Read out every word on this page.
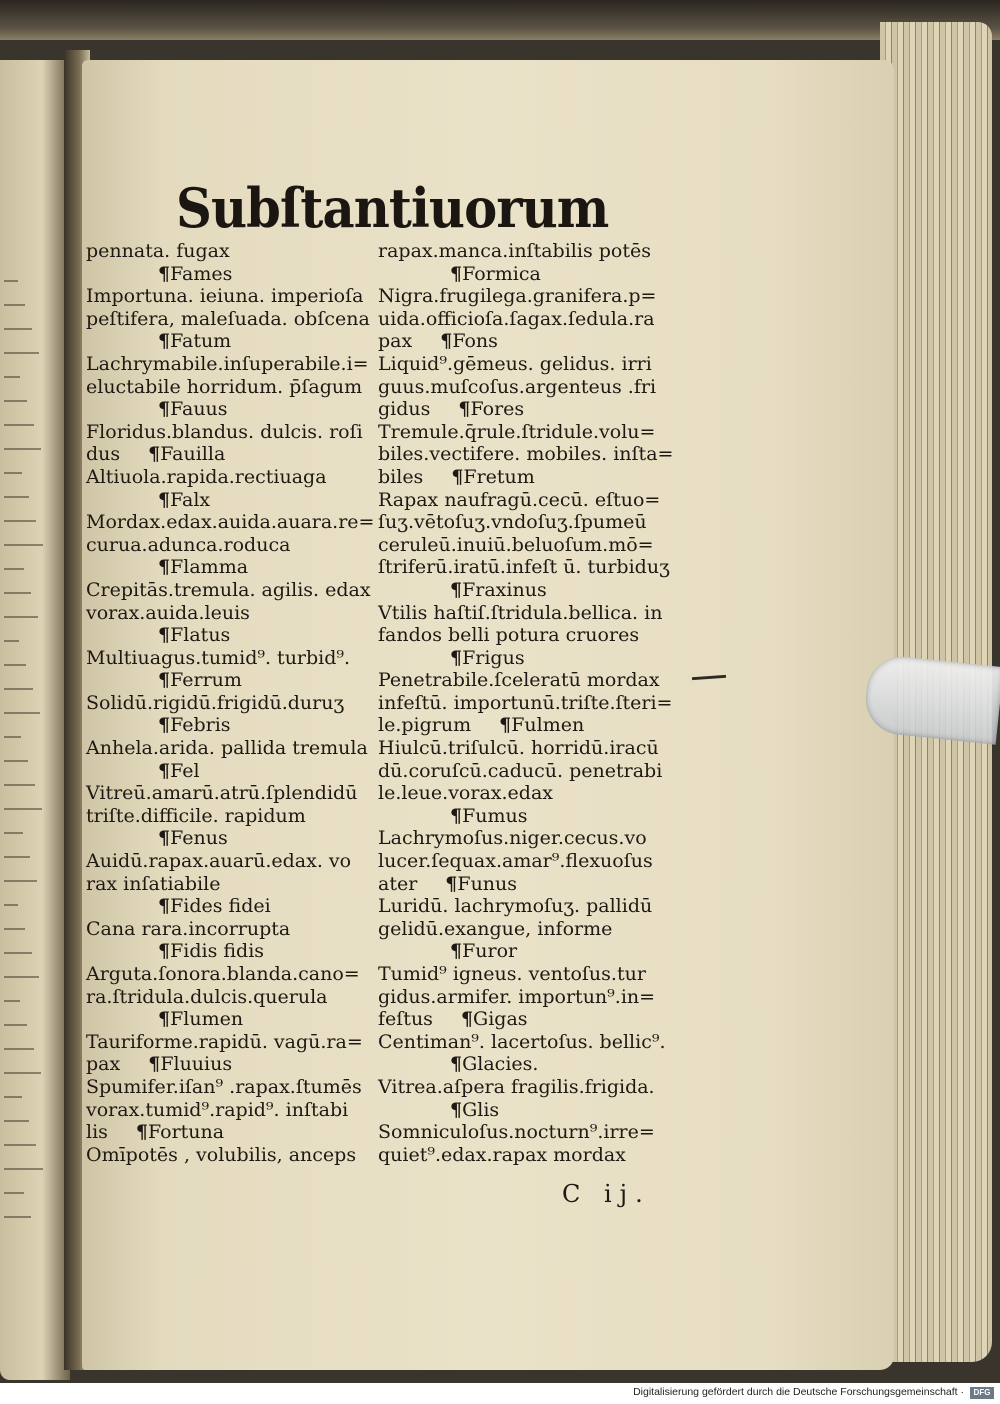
Subſtantiuorum
pennata. fugax
¶Fames
Importuna. ieiuna. imperioſa
peſtifera, maleſuada. obſcena
¶Fatum
Lachrymabile.inſuperabile.i=
eluctabile horridum. p̄ſagum
¶Fauus
Floridus.blandus. dulcis. roſi
dus ¶Fauilla
Altiuola.rapida.rectiuaga
¶Falx
Mordax.edax.auida.auara.re=
curua.adunca.roduca
¶Flamma
Crepitās.tremula. agilis. edax
vorax.auida.leuis
¶Flatus
Multiuagus.tumid⁹. turbid⁹.
¶Ferrum
Solidū.rigidū.frigidū.duruʒ
¶Febris
Anhela.arida. pallida tremula
¶Fel
Vitreū.amarū.atrū.ſplendidū
triſte.difficile. rapidum
¶Fenus
Auidū.rapax.auarū.edax. vo
rax inſatiabile
¶Fides fidei
Cana rara.incorrupta
¶Fidis fidis
Arguta.ſonora.blanda.cano=
ra.ſtridula.dulcis.querula
¶Flumen
Tauriforme.rapidū. vagū.ra=
pax ¶Fluuius
Spumifer.iſan⁹ .rapax.ſtumēs
vorax.tumid⁹.rapid⁹. inſtabi
lis ¶Fortuna
Omīpotēs , volubilis, anceps
rapax.manca.inſtabilis potēs
¶Formica
Nigra.frugilega.granifera.p=
uida.officioſa.ſagax.ſedula.ra
pax ¶Fons
Liquid⁹.gēmeus. gelidus. irri
guus.muſcoſus.argenteus .fri
gidus ¶Fores
Tremule.q̄rule.ſtridule.volu=
biles.vectifere. mobiles. inſta=
biles ¶Fretum
Rapax naufragū.cecū. eſtuo=
ſuʒ.vētoſuʒ.vndoſuʒ.ſpumeū
ceruleū.inuiū.beluoſum.mō=
ſtriferū.iratū.infeſt ū. turbiduʒ
¶Fraxinus
Vtilis haſtiſ.ſtridula.bellica. in
fandos belli potura cruores
¶Frigus
Penetrabile.ſceleratū mordax
infeſtū. importunū.triſte.ſteri=
le.pigrum ¶Fulmen
Hiulcū.triſulcū. horridū.iracū
dū.coruſcū.caducū. penetrabi
le.leue.vorax.edax
¶Fumus
Lachrymoſus.niger.cecus.vo
lucer.ſequax.amar⁹.flexuoſus
ater ¶Funus
Luridū. lachrymoſuʒ. pallidū
gelidū.exangue, informe
¶Furor
Tumid⁹ igneus. ventoſus.tur
gidus.armifer. importun⁹.in=
feſtus ¶Gigas
Centiman⁹. lacertoſus. bellic⁹.
¶Glacies.
Vitrea.aſpera fragilis.frigida.
¶Glis
Somniculoſus.nocturn⁹.irre=
quiet⁹.edax.rapax mordax
C ij.
Digitalisierung gefördert durch die Deutsche Forschungsgemeinschaft ·	DFG
